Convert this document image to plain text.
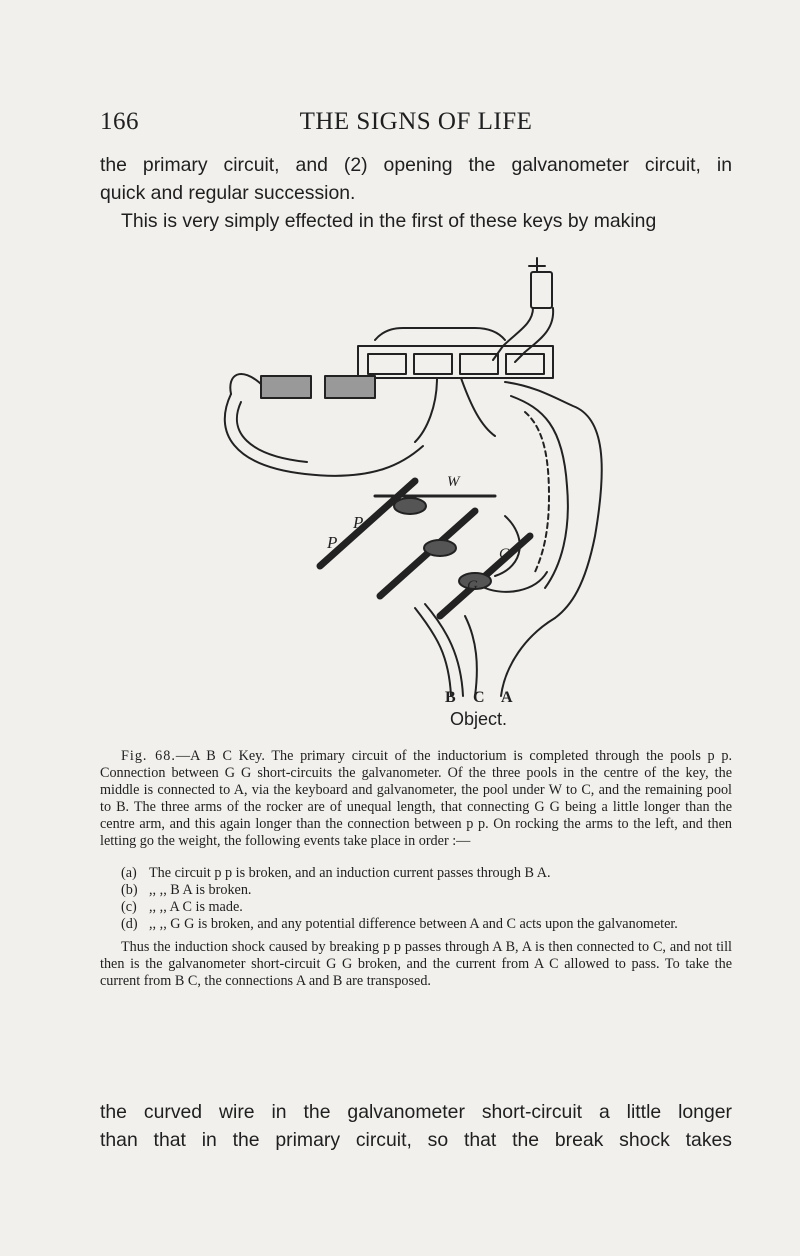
166	THE SIGNS OF LIFE

the primary circuit, and (2) opening the galvanometer circuit, in

quick and regular succession.

This is very simply effected in the first of these keys by making

P
P
W
G
G
B C A
Object.

Fig. 68.—A B C Key. The primary circuit of the inductorium is completed through the pools p p. Connection between G G short-circuits the galvanometer. Of the three pools in the centre of the key, the middle is connected to A, via the keyboard and galvanometer, the pool under W to C, and the remaining pool to B. The three arms of the rocker are of unequal length, that connecting G G being a little longer than the centre arm, and this again longer than the connection between p p. On rocking the arms to the left, and then letting go the weight, the following events take place in order :—

(a) The circuit p p is broken, and an induction current passes through B A.
(b) ,, ,, B A is broken.
(c) ,, ,, A C is made.
(d) ,, ,, G G is broken, and any potential difference between A and C acts upon the galvanometer.

Thus the induction shock caused by breaking p p passes through A B, A is then connected to C, and not till then is the galvanometer short-circuit G G broken, and the current from A C allowed to pass. To take the current from B C, the connections A and B are transposed.

the curved wire in the galvanometer short-circuit a little longer

than that in the primary circuit, so that the break shock takes
